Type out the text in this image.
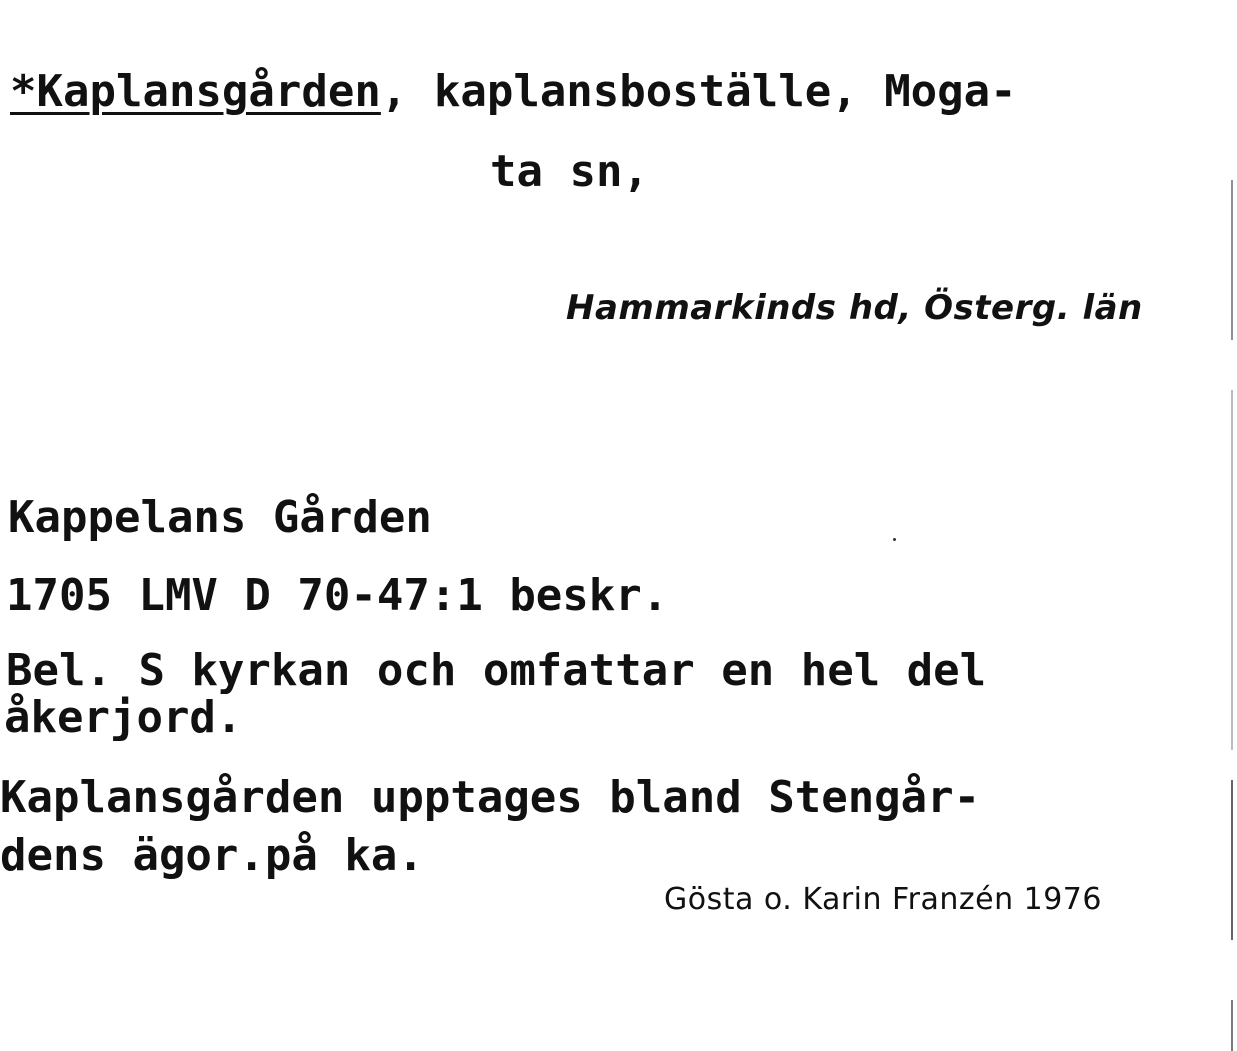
*Kaplansgården, kaplansboställe, Moga-
ta sn,
Hammarkinds hd, Österg. län
Kappelans Gården
1705 LMV D 70-47:1 beskr.
Bel. S kyrkan och omfattar en hel del
åkerjord.
Kaplansgården upptages bland Stengår-
dens ägor.på ka.
Gösta o. Karin Franzén 1976
